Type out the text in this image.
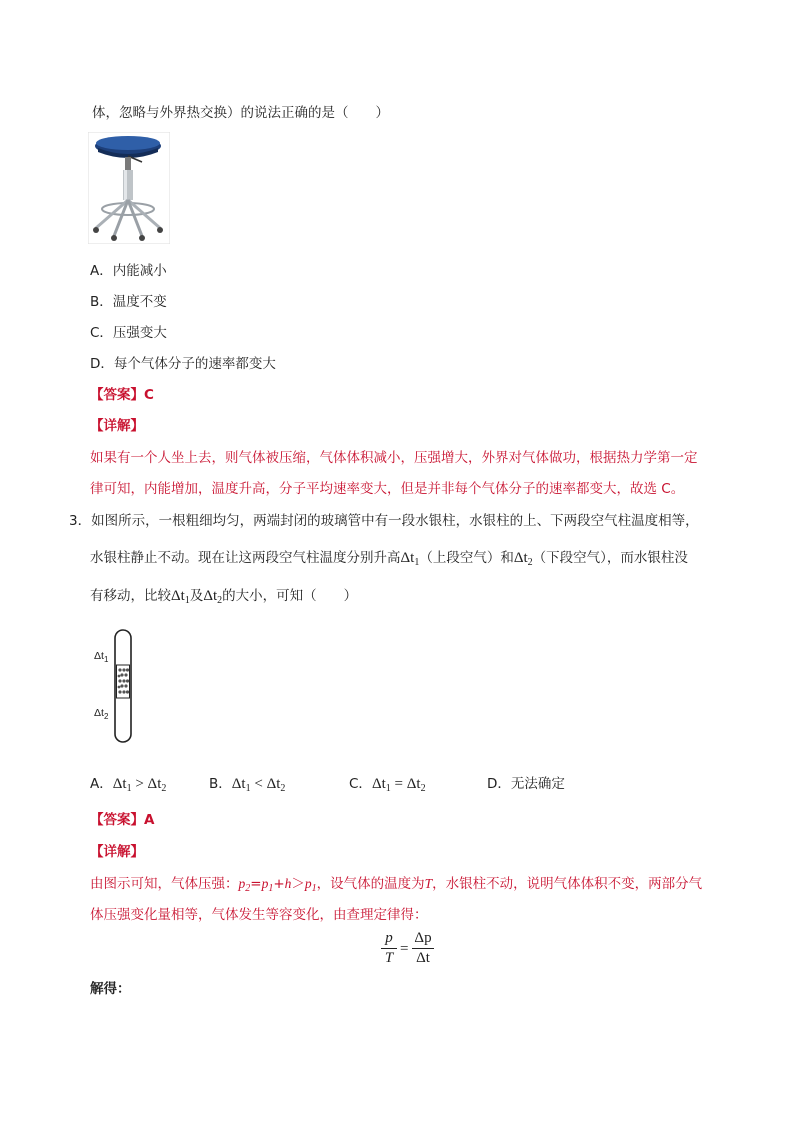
体，忽略与外界热交换）的说法正确的是（　　）
A．内能减小
B．温度不变
C．压强变大
D．每个气体分子的速率都变大
【答案】C
【详解】
如果有一个人坐上去，则气体被压缩，气体体积减小，压强增大，外界对气体做功，根据热力学第一定
律可知，内能增加，温度升高，分子平均速率变大，但是并非每个气体分子的速率都变大，故选 C。
3．如图所示，一根粗细均匀，两端封闭的玻璃管中有一段水银柱，水银柱的上、下两段空气柱温度相等，
水银柱静止不动。现在让这两段空气柱温度分别升高$\Delta t_1$（上段空气）和$\Delta t_2$（下段空气），而水银柱没
有移动，比较$\Delta t_1$及$\Delta t_2$的大小，可知（　　）
$\Delta t_1$
$\Delta t_2$
A．$\Delta t_1 > \Delta t_2$	B．$\Delta t_1 < \Delta t_2$	C．$\Delta t_1 = \Delta t_2$	D．无法确定
【答案】A
【详解】
由图示可知，气体压强：$p_2=p_1+h>p_1$，设气体的温度为T，水银柱不动，说明气体体积不变，两部分气
体压强变化量相等，气体发生等容变化，由查理定律得：
p
T
=
Δp
Δt
解得：
